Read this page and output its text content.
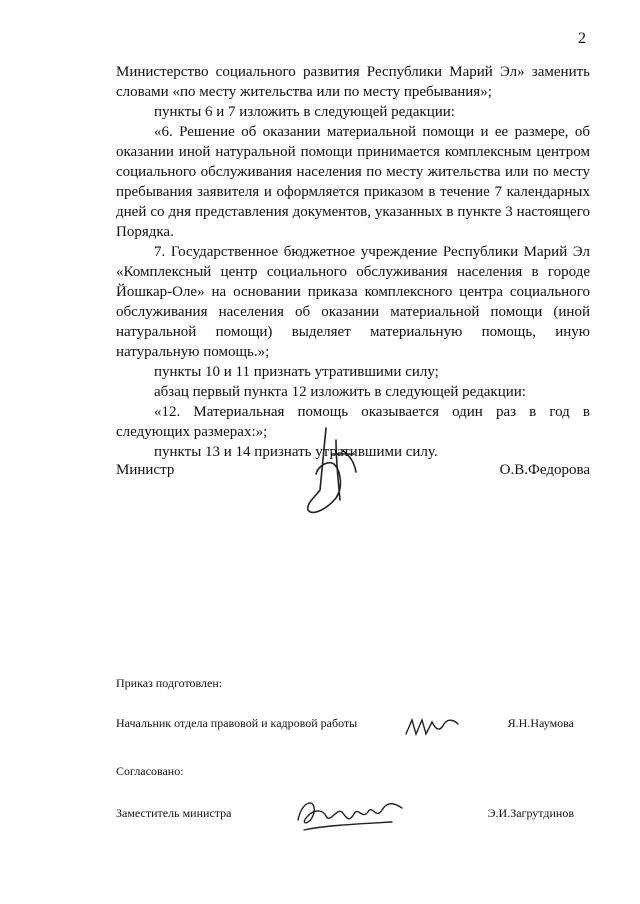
2

Министерство социального развития Республики Марий Эл» заменить словами «по месту жительства или по месту пребывания»;

пункты 6 и 7 изложить в следующей редакции:

«6. Решение об оказании материальной помощи и ее размере, об оказании иной натуральной помощи принимается комплексным центром социального обслуживания населения по месту жительства или по месту пребывания заявителя и оформляется приказом в течение 7 календарных дней со дня представления документов, указанных в пункте 3 настоящего Порядка.

7. Государственное бюджетное учреждение Республики Марий Эл «Комплексный центр социального обслуживания населения в городе Йошкар-Оле» на основании приказа комплексного центра социального обслуживания населения об оказании материальной помощи (иной натуральной помощи) выделяет материальную помощь, иную натуральную помощь.»;

пункты 10 и 11 признать утратившими силу;

абзац первый пункта 12 изложить в следующей редакции:

«12. Материальная помощь оказывается один раз в год в следующих размерах:»;

пункты 13 и 14 признать утратившими силу.

Министр	О.В.Федорова
Приказ подготовлен:
Начальник отдела правовой и кадровой работы	Я.Н.Наумова
Согласовано:
Заместитель министра	Э.И.Загрутдинов
